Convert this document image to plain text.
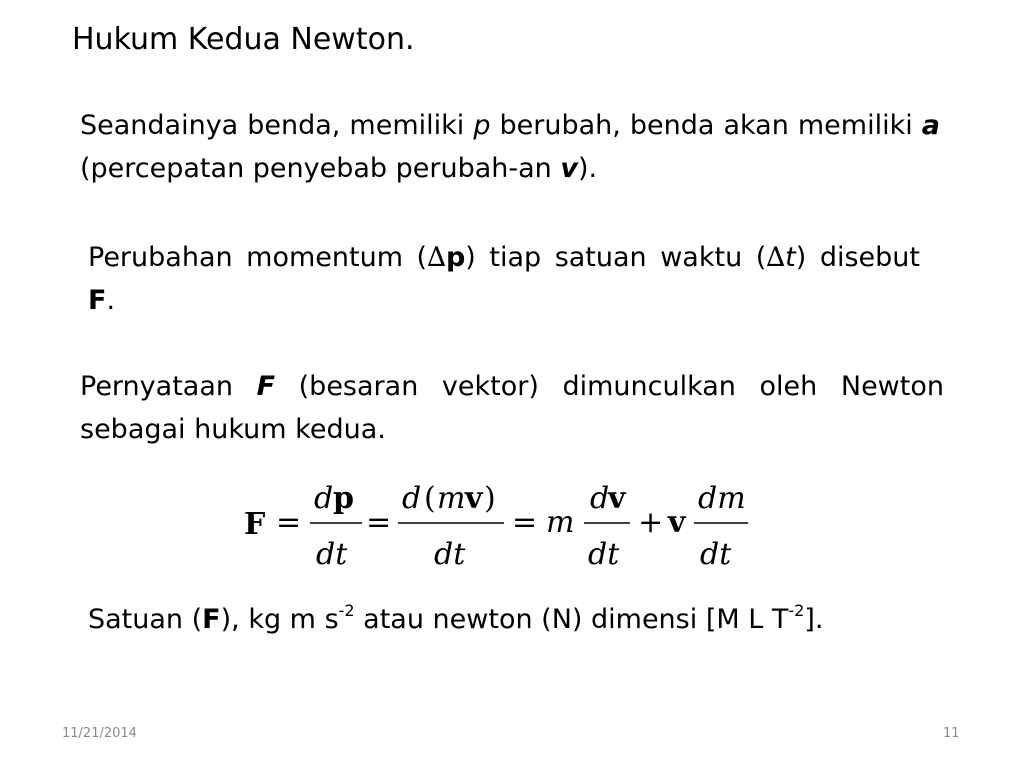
Hukum Kedua Newton.
Seandainya benda, memiliki p berubah, benda akan memiliki a (percepatan penyebab perubah-an v).
Perubahan momentum (∆p) tiap satuan waktu (∆t) disebut F.
Pernyataan F (besaran vektor) dimunculkan oleh Newton sebagai hukum kedua.
F =
d p
dt
=
d ( m v )
dt
= m
d
v
dt
+ v
dm
dt
Satuan (F), kg m $s^{-2}$ atau newton (N) dimensi [M L $T^{-2}$].
11/21/2014	11
